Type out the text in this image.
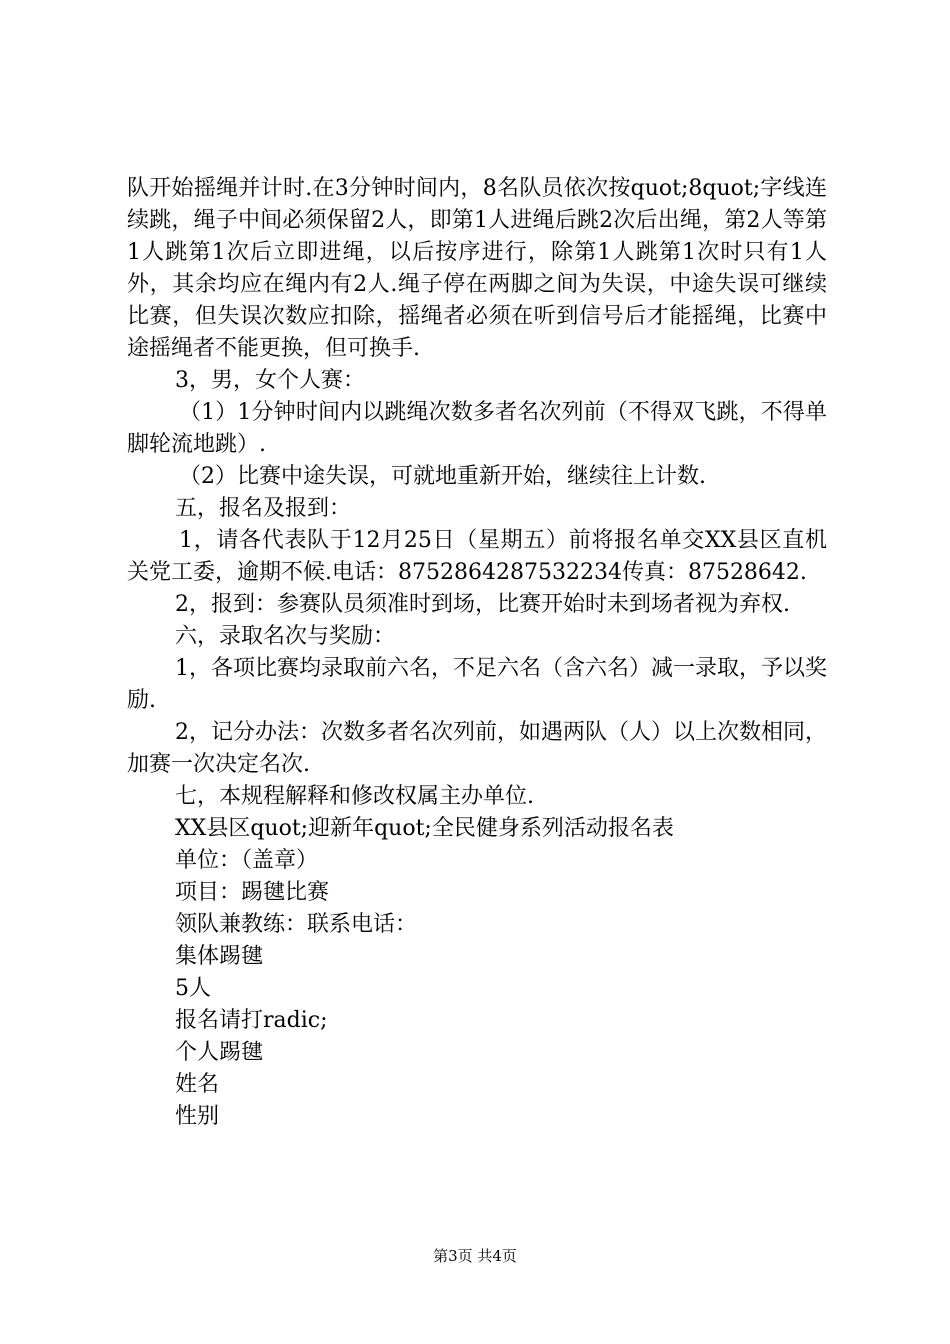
队开始摇绳并计时.在3分钟时间内，8名队员依次按quot;8quot;字线连续跳，绳子中间必须保留2人，即第1人进绳后跳2次后出绳，第2人等第1人跳第1次后立即进绳，以后按序进行，除第1人跳第1次时只有1人外，其余均应在绳内有2人.绳子停在两脚之间为失误，中途失误可继续比赛，但失误次数应扣除，摇绳者必须在听到信号后才能摇绳，比赛中途摇绳者不能更换，但可换手.

3，男，女个人赛：

（1）1分钟时间内以跳绳次数多者名次列前（不得双飞跳，不得单脚轮流地跳）.

（2）比赛中途失误，可就地重新开始，继续往上计数.

五，报名及报到：

1，请各代表队于12月25日（星期五）前将报名单交XX县区直机关党工委，逾期不候.电话：8752864287532234传真：87528642.

2，报到：参赛队员须准时到场，比赛开始时未到场者视为弃权.

六，录取名次与奖励：

1，各项比赛均录取前六名，不足六名（含六名）减一录取，予以奖励.

2，记分办法：次数多者名次列前，如遇两队（人）以上次数相同，加赛一次决定名次.

七，本规程解释和修改权属主办单位.

XX县区quot;迎新年quot;全民健身系列活动报名表

单位：（盖章）

项目：踢毽比赛

领队兼教练：联系电话：

集体踢毽

5人

报名请打radic;

个人踢毽

姓名

性别

第3页 共4页
